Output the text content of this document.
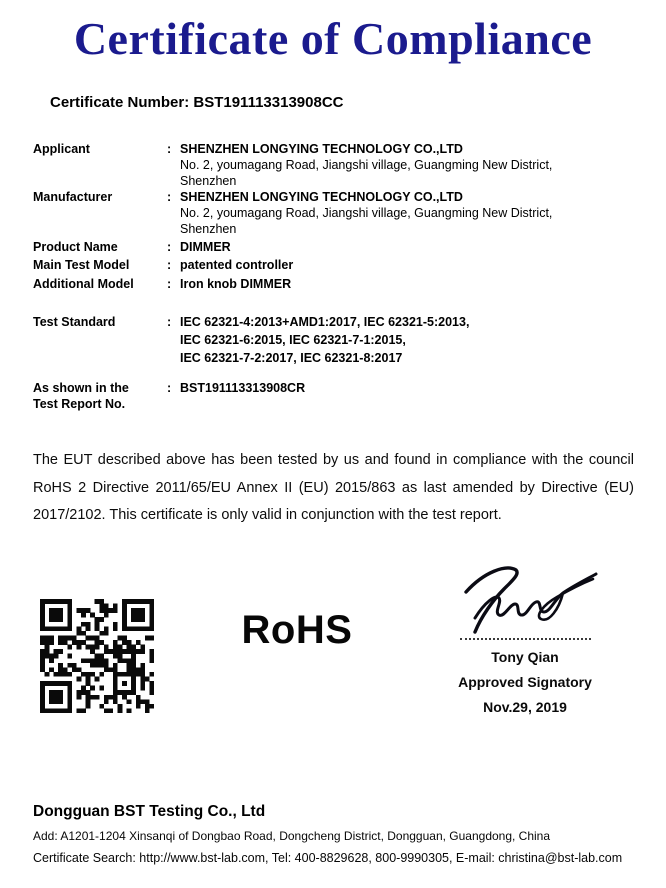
Certificate of Compliance
Certificate Number: BST191113313908CC
Applicant	: SHENZHEN LONGYING TECHNOLOGY CO.,LTD
No. 2, youmagang Road, Jiangshi village, Guangming New District,
Shenzhen
Manufacturer	: SHENZHEN LONGYING TECHNOLOGY CO.,LTD
No. 2, youmagang Road, Jiangshi village, Guangming New District,
Shenzhen
Product Name	: DIMMER
Main Test Model	: patented controller
Additional Model	: Iron knob DIMMER
Test Standard	: IEC 62321-4:2013+AMD1:2017, IEC 62321-5:2013,
IEC 62321-6:2015, IEC 62321-7-1:2015,
IEC 62321-7-2:2017, IEC 62321-8:2017
As shown in the
Test Report No.
: BST191113313908CR
The EUT described above has been tested by us and found in compliance with the council RoHS 2 Directive 2011/65/EU Annex II (EU) 2015/863 as last amended by Directive (EU) 2017/2102. This certificate is only valid in conjunction with the test report.
RoHS
Tony Qian
Approved Signatory
Nov.29, 2019
Dongguan BST Testing Co., Ltd
Add: A1201-1204 Xinsanqi of Dongbao Road, Dongcheng District, Dongguan, Guangdong, China
Certificate Search: http://www.bst-lab.com, Tel: 400-8829628, 800-9990305, E-mail: christina@bst-lab.com
